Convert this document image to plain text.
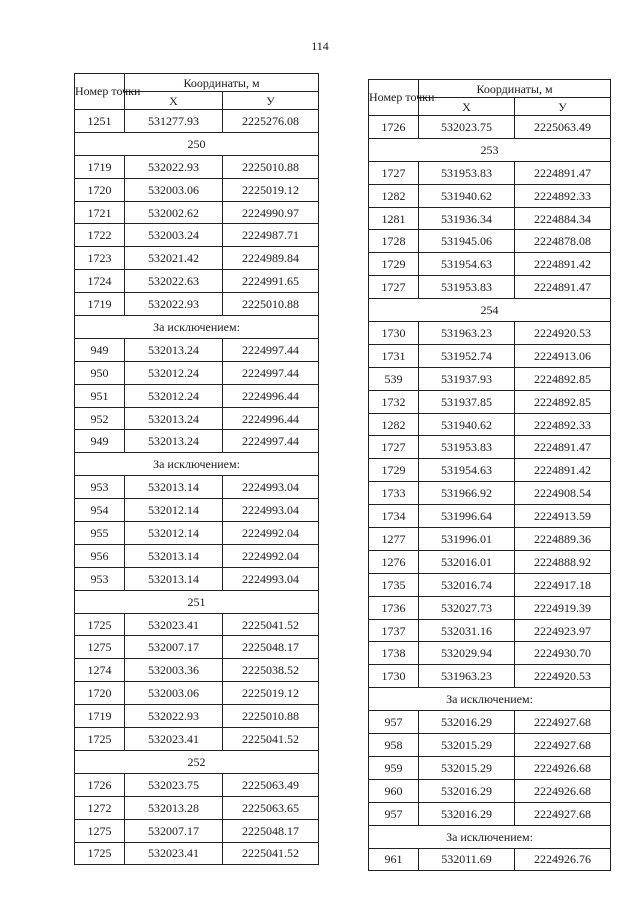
114
Номер точки	Координаты, м	
	X	У
1251	531277.93	2225276.08
250		
1719	532022.93	2225010.88
1720	532003.06	2225019.12
1721	532002.62	2224990.97
1722	532003.24	2224987.71
1723	532021.42	2224989.84
1724	532022.63	2224991.65
1719	532022.93	2225010.88
За исключением:		
949	532013.24	2224997.44
950	532012.24	2224997.44
951	532012.24	2224996.44
952	532013.24	2224996.44
949	532013.24	2224997.44
За исключением:		
953	532013.14	2224993.04
954	532012.14	2224993.04
955	532012.14	2224992.04
956	532013.14	2224992.04
953	532013.14	2224993.04
251		
1725	532023.41	2225041.52
1275	532007.17	2225048.17
1274	532003.36	2225038.52
1720	532003.06	2225019.12
1719	532022.93	2225010.88
1725	532023.41	2225041.52
252		
1726	532023.75	2225063.49
1272	532013.28	2225063.65
1275	532007.17	2225048.17
1725	532023.41	2225041.52
Номер точки	Координаты, м	
	X	У
1726	532023.75	2225063.49
253		
1727	531953.83	2224891.47
1282	531940.62	2224892.33
1281	531936.34	2224884.34
1728	531945.06	2224878.08
1729	531954.63	2224891.42
1727	531953.83	2224891.47
254		
1730	531963.23	2224920.53
1731	531952.74	2224913.06
539	531937.93	2224892.85
1732	531937.85	2224892.85
1282	531940.62	2224892.33
1727	531953.83	2224891.47
1729	531954.63	2224891.42
1733	531966.92	2224908.54
1734	531996.64	2224913.59
1277	531996.01	2224889.36
1276	532016.01	2224888.92
1735	532016.74	2224917.18
1736	532027.73	2224919.39
1737	532031.16	2224923.97
1738	532029.94	2224930.70
1730	531963.23	2224920.53
За исключением:		
957	532016.29	2224927.68
958	532015.29	2224927.68
959	532015.29	2224926.68
960	532016.29	2224926.68
957	532016.29	2224927.68
За исключением:		
961	532011.69	2224926.76
